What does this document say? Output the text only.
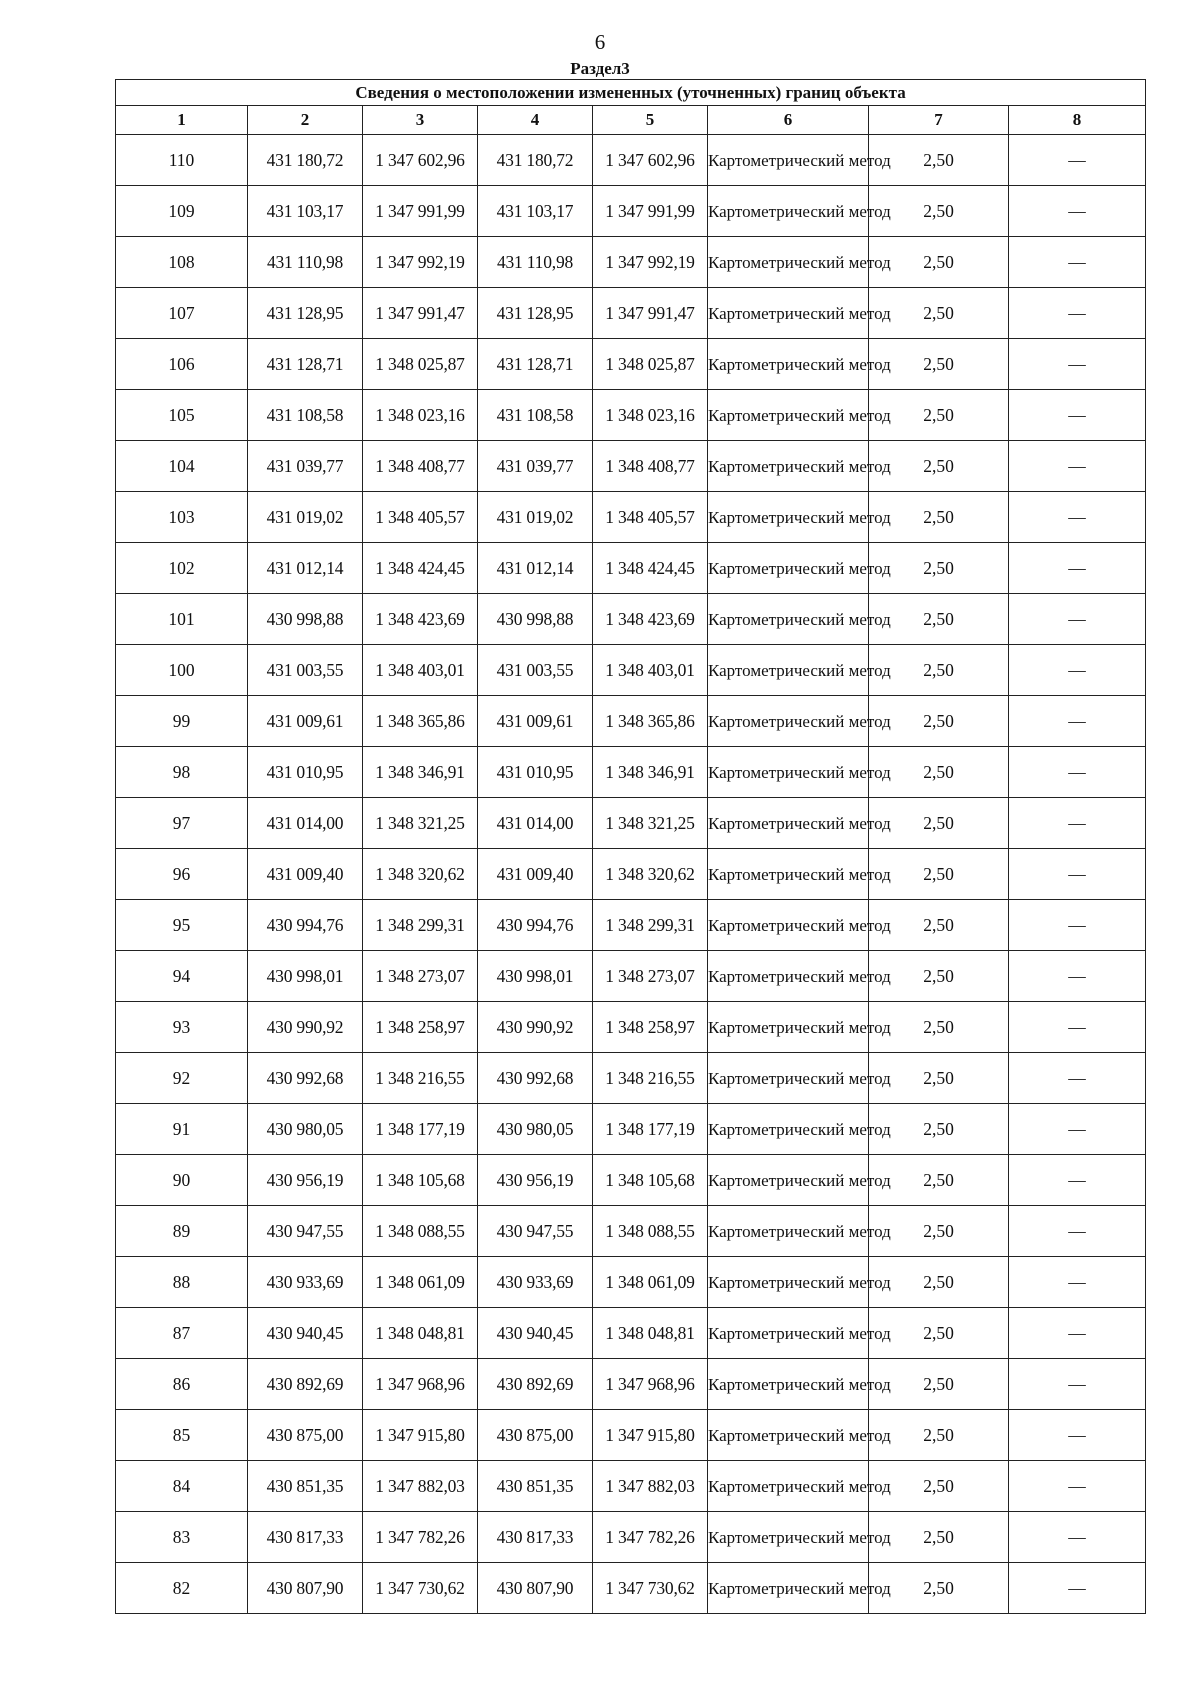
6
Раздел3
Сведения о местоположении измененных (уточненных) границ объекта							
1	2	3	4	5	6	7	8
110	431 180,72	1 347 602,96	431 180,72	1 347 602,96	Картометрический метод	2,50	—
109	431 103,17	1 347 991,99	431 103,17	1 347 991,99	Картометрический метод	2,50	—
108	431 110,98	1 347 992,19	431 110,98	1 347 992,19	Картометрический метод	2,50	—
107	431 128,95	1 347 991,47	431 128,95	1 347 991,47	Картометрический метод	2,50	—
106	431 128,71	1 348 025,87	431 128,71	1 348 025,87	Картометрический метод	2,50	—
105	431 108,58	1 348 023,16	431 108,58	1 348 023,16	Картометрический метод	2,50	—
104	431 039,77	1 348 408,77	431 039,77	1 348 408,77	Картометрический метод	2,50	—
103	431 019,02	1 348 405,57	431 019,02	1 348 405,57	Картометрический метод	2,50	—
102	431 012,14	1 348 424,45	431 012,14	1 348 424,45	Картометрический метод	2,50	—
101	430 998,88	1 348 423,69	430 998,88	1 348 423,69	Картометрический метод	2,50	—
100	431 003,55	1 348 403,01	431 003,55	1 348 403,01	Картометрический метод	2,50	—
99	431 009,61	1 348 365,86	431 009,61	1 348 365,86	Картометрический метод	2,50	—
98	431 010,95	1 348 346,91	431 010,95	1 348 346,91	Картометрический метод	2,50	—
97	431 014,00	1 348 321,25	431 014,00	1 348 321,25	Картометрический метод	2,50	—
96	431 009,40	1 348 320,62	431 009,40	1 348 320,62	Картометрический метод	2,50	—
95	430 994,76	1 348 299,31	430 994,76	1 348 299,31	Картометрический метод	2,50	—
94	430 998,01	1 348 273,07	430 998,01	1 348 273,07	Картометрический метод	2,50	—
93	430 990,92	1 348 258,97	430 990,92	1 348 258,97	Картометрический метод	2,50	—
92	430 992,68	1 348 216,55	430 992,68	1 348 216,55	Картометрический метод	2,50	—
91	430 980,05	1 348 177,19	430 980,05	1 348 177,19	Картометрический метод	2,50	—
90	430 956,19	1 348 105,68	430 956,19	1 348 105,68	Картометрический метод	2,50	—
89	430 947,55	1 348 088,55	430 947,55	1 348 088,55	Картометрический метод	2,50	—
88	430 933,69	1 348 061,09	430 933,69	1 348 061,09	Картометрический метод	2,50	—
87	430 940,45	1 348 048,81	430 940,45	1 348 048,81	Картометрический метод	2,50	—
86	430 892,69	1 347 968,96	430 892,69	1 347 968,96	Картометрический метод	2,50	—
85	430 875,00	1 347 915,80	430 875,00	1 347 915,80	Картометрический метод	2,50	—
84	430 851,35	1 347 882,03	430 851,35	1 347 882,03	Картометрический метод	2,50	—
83	430 817,33	1 347 782,26	430 817,33	1 347 782,26	Картометрический метод	2,50	—
82	430 807,90	1 347 730,62	430 807,90	1 347 730,62	Картометрический метод	2,50	—
